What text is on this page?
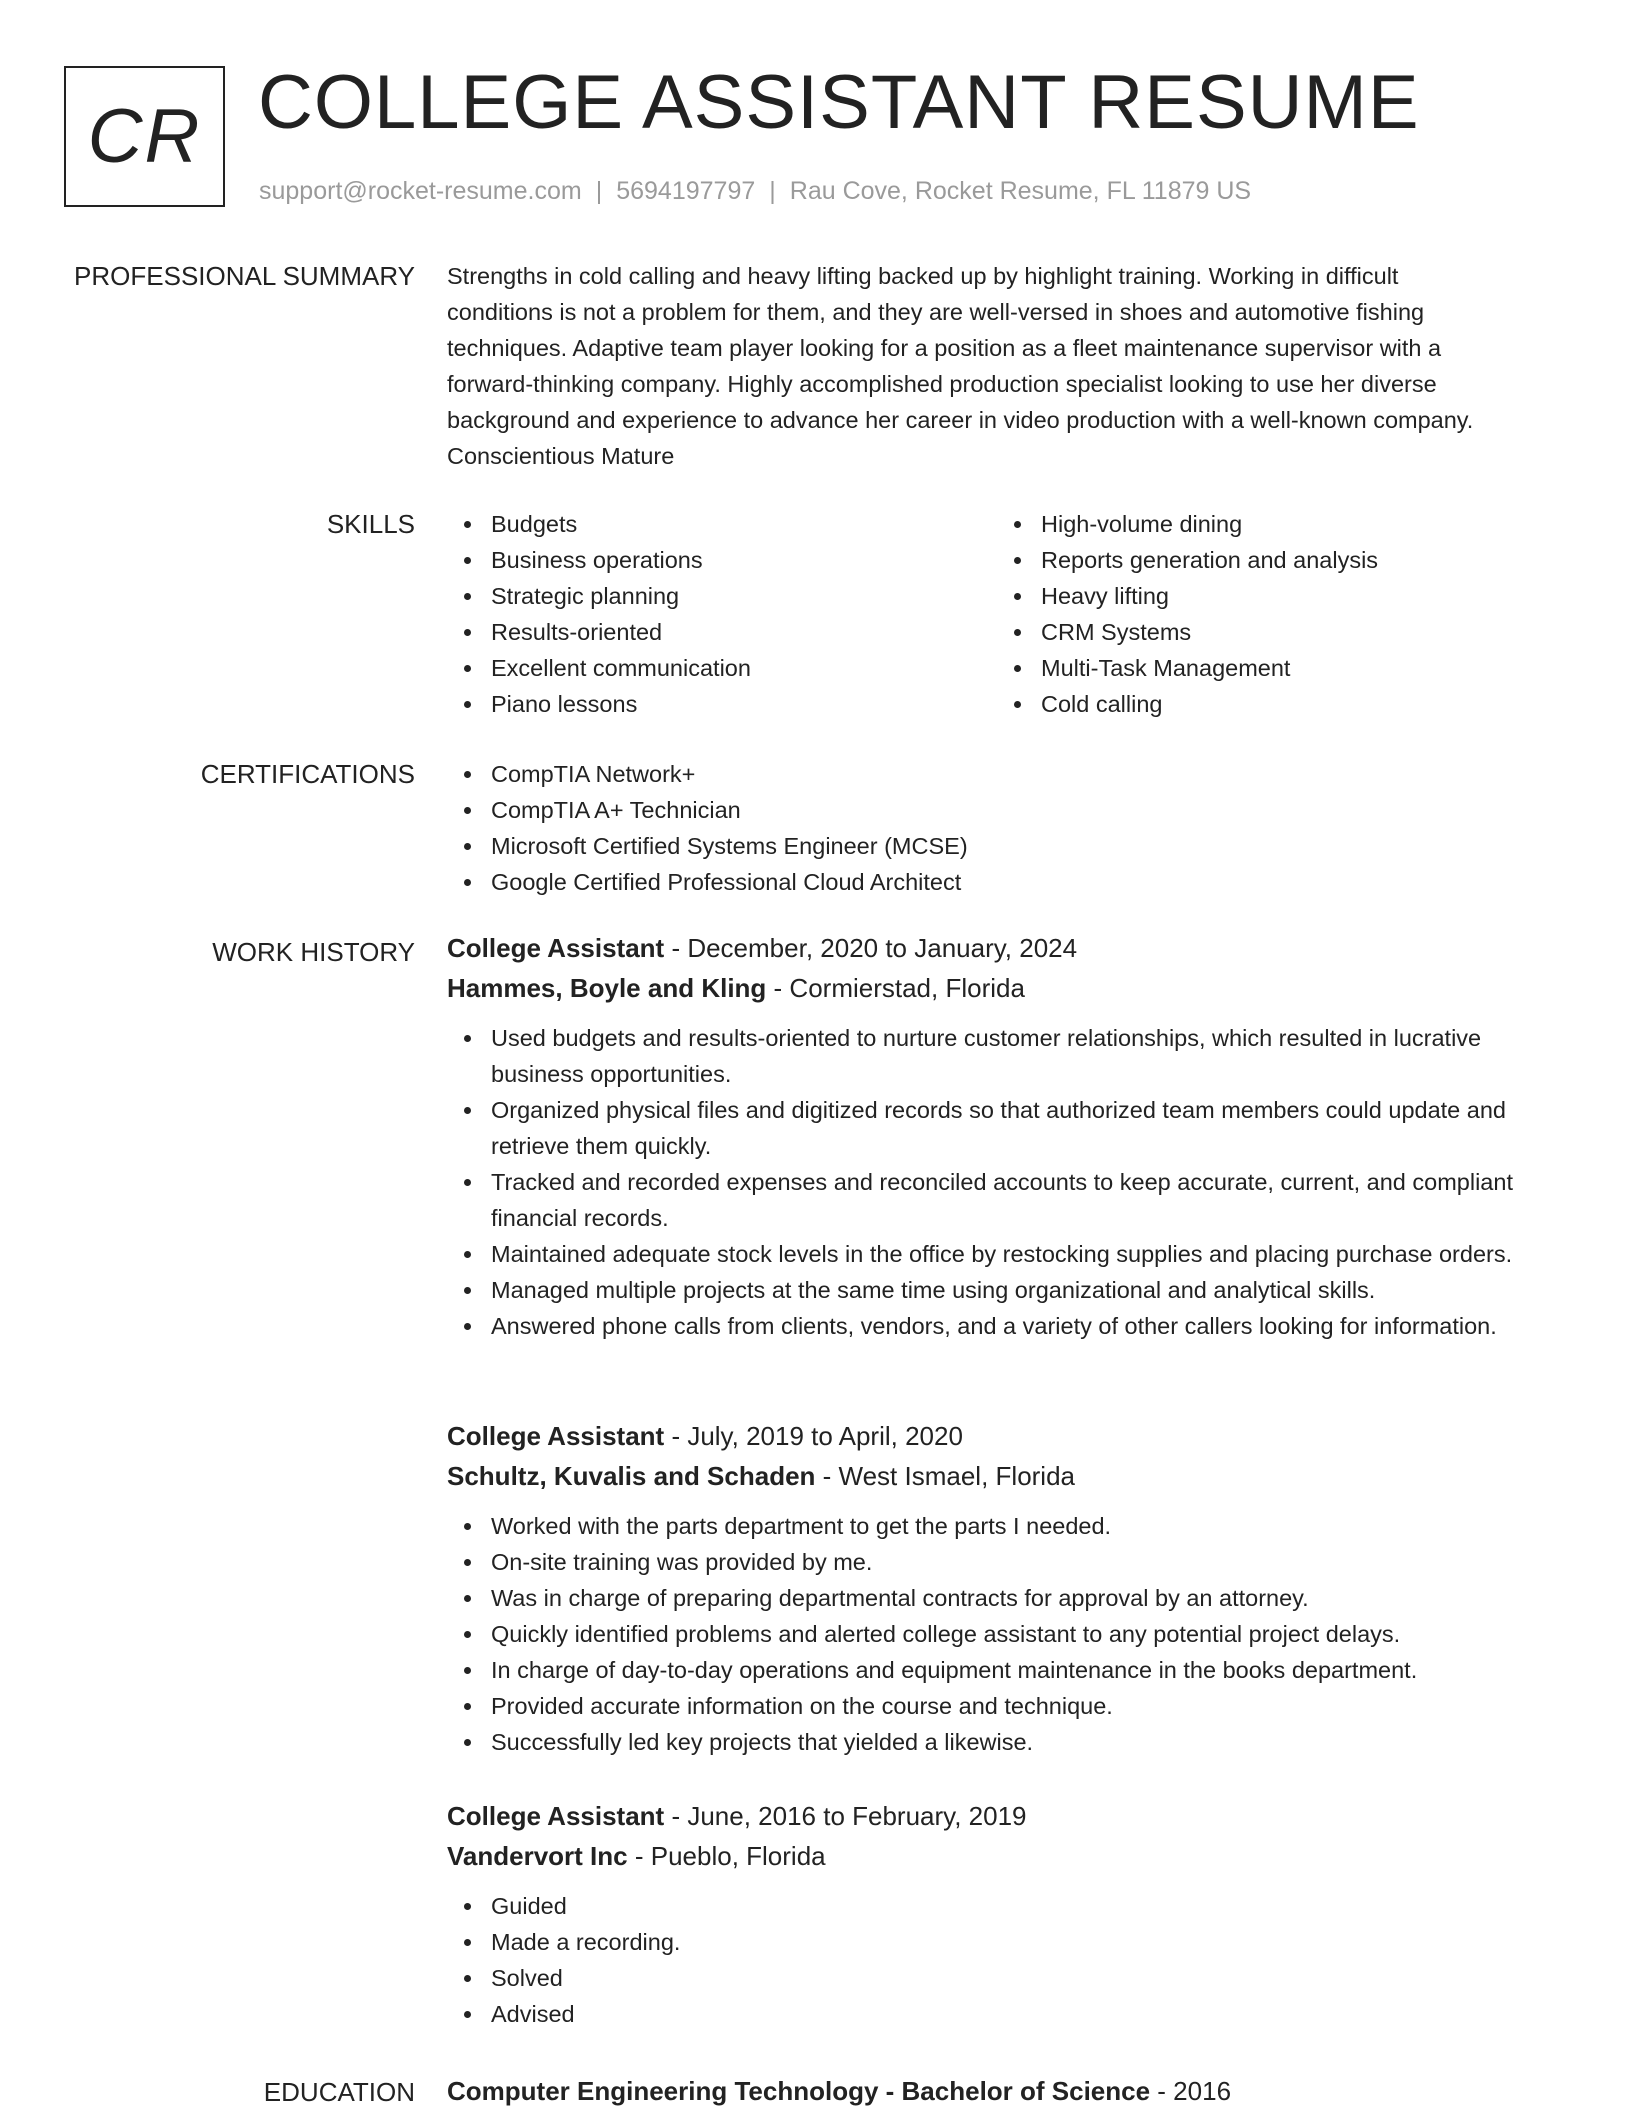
CR COLLEGE ASSISTANT RESUME
support@rocket-resume.com | 5694197797 | Rau Cove, Rocket Resume, FL 11879 US
PROFESSIONAL SUMMARY Strengths in cold calling and heavy lifting backed up by highlight training. Working in difficult
conditions is not a problem for them, and they are well-versed in shoes and automotive fishing
techniques. Adaptive team player looking for a position as a fleet maintenance supervisor with a
forward-thinking company. Highly accomplished production specialist looking to use her diverse
background and experience to advance her career in video production with a well-known company.
Conscientious Mature

SKILLS	Budgets
Business operations
Strategic planning
Results-oriented
Excellent communication
Piano lessons
High-volume dining
Reports generation and analysis
Heavy lifting
CRM Systems
Multi-Task Management
Cold calling
CERTIFICATIONS	CompTIA Network+
CompTIA A+ Technician
Microsoft Certified Systems Engineer (MCSE)
Google Certified Professional Cloud Architect
WORK HISTORY College Assistant - December, 2020 to January, 2024
Hammes, Boyle and Kling - Cormierstad, Florida
Used budgets and results-oriented to nurture customer relationships, which resulted in lucrative business opportunities.
Organized physical files and digitized records so that authorized team members could update and retrieve them quickly.
Tracked and recorded expenses and reconciled accounts to keep accurate, current, and compliant financial records.
Maintained adequate stock levels in the office by restocking supplies and placing purchase orders.
Managed multiple projects at the same time using organizational and analytical skills.
Answered phone calls from clients, vendors, and a variety of other callers looking for information.
College Assistant - July, 2019 to April, 2020
Schultz, Kuvalis and Schaden - West Ismael, Florida
Worked with the parts department to get the parts I needed.
On-site training was provided by me.
Was in charge of preparing departmental contracts for approval by an attorney.
Quickly identified problems and alerted college assistant to any potential project delays.
In charge of day-to-day operations and equipment maintenance in the books department.
Provided accurate information on the course and technique.
Successfully led key projects that yielded a likewise.
College Assistant - June, 2016 to February, 2019
Vandervort Inc - Pueblo, Florida
Guided
Made a recording.
Solved
Advised
EDUCATION Computer Engineering Technology - Bachelor of Science - 2016
